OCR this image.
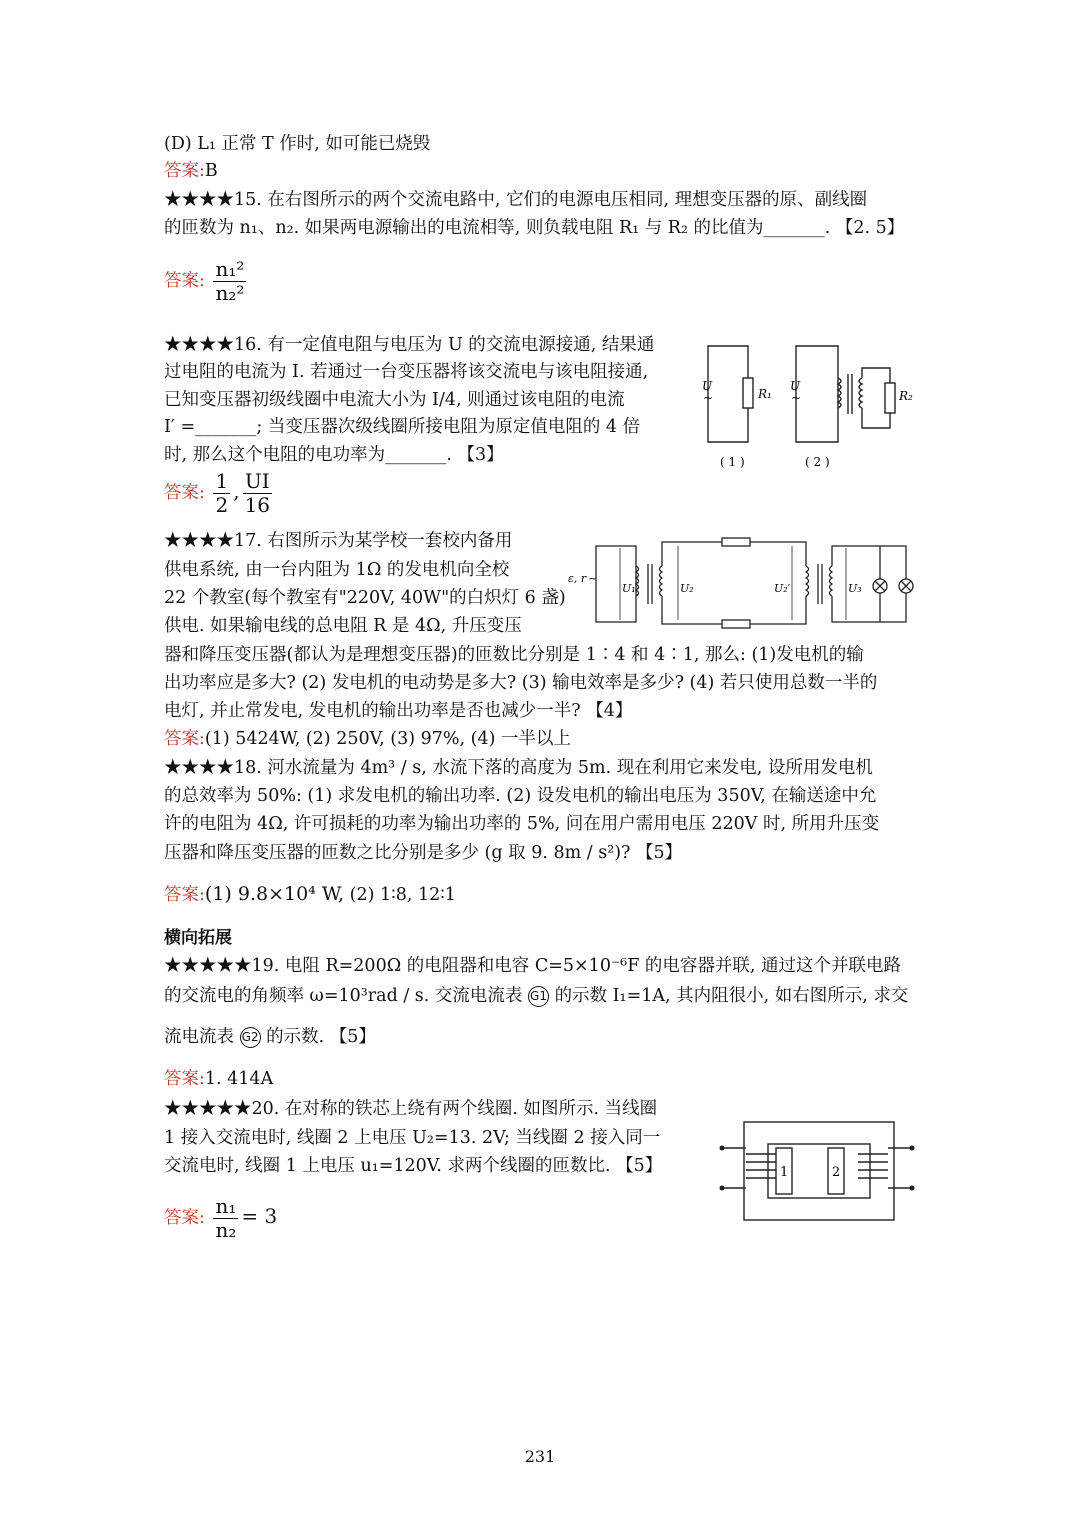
(D) L₁ 正常 T 作时, 如可能已烧毁
答案:B
★★★★15. 在右图所示的两个交流电路中, 它们的电源电压相同, 理想变压器的原、副线圈
的匝数为 n₁、n₂. 如果两电源输出的电流相等, 则负载电阻 R₁ 与 R₂ 的比值为_______. 【2. 5】
答案: $\frac{\text{n₁²}}{\text{n₂²}}$
★★★★16. 有一定值电阻与电压为 U 的交流电源接通, 结果通
过电阻的电流为 I. 若通过一台变压器将该交流电与该电阻接通,
已知变压器初级线圈中电流大小为 I/4, 则通过该电阻的电流
I′ =_______; 当变压器次级线圈所接电阻为原定值电阻的 4 倍
时, 那么这个电阻的电功率为_______. 【3】
答案: $\frac{1}{2}$ , $\frac{UI}{16}$
U
~	R₁
U
~	R₂
( 1 )	( 2 )
★★★★17. 右图所示为某学校一套校内备用
供电系统, 由一台内阻为 1Ω 的发电机向全校
22 个教室(每个教室有"220V, 40W"的白炽灯 6 盏)
供电. 如果输电线的总电阻 R 是 4Ω, 升压变压
器和降压变压器(都认为是理想变压器)的匝数比分别是 1∶4 和 4∶1, 那么: (1)发电机的输
出功率应是多大? (2) 发电机的电动势是多大? (3) 输电效率是多少? (4) 若只使用总数一半的
电灯, 并止常发电, 发电机的输出功率是否也减少一半? 【4】
答案:(1) 5424W, (2) 250V, (3) 97%, (4) 一半以上
ε, r ~
U₁	U₂	U₂′	U₃
★★★★18. 河水流量为 4m³ / s, 水流下落的高度为 5m. 现在利用它来发电, 设所用发电机
的总效率为 50%: (1) 求发电机的输出功率. (2) 设发电机的输出电压为 350V, 在输送途中允
许的电阻为 4Ω, 许可损耗的功率为输出功率的 5%, 问在用户需用电压 220V 时, 所用升压变
压器和降压变压器的匝数之比分别是多少 (g 取 9. 8m / s²)? 【5】
答案:(1) 9.8×10⁴ W, (2) 1∶8, 12∶1
横向拓展
★★★★★19. 电阻 R=200Ω 的电阻器和电容 C=5×10⁻⁶F 的电容器并联, 通过这个并联电路
的交流电的角频率 ω=10³rad / s. 交流电流表 G1 的示数 I₁=1A, 其内阻很小, 如右图所示, 求交
流电流表 G2 的示数. 【5】
答案:1. 414A
★★★★★20. 在对称的铁芯上绕有两个线圈. 如图所示. 当线圈
1 接入交流电时, 线圈 2 上电压 U₂=13. 2V; 当线圈 2 接入同一
交流电时, 线圈 1 上电压 u₁=120V. 求两个线圈的匝数比. 【5】
答案: $\frac{\text{n₁}}{\text{n₂}} = 3$
1	2
231
